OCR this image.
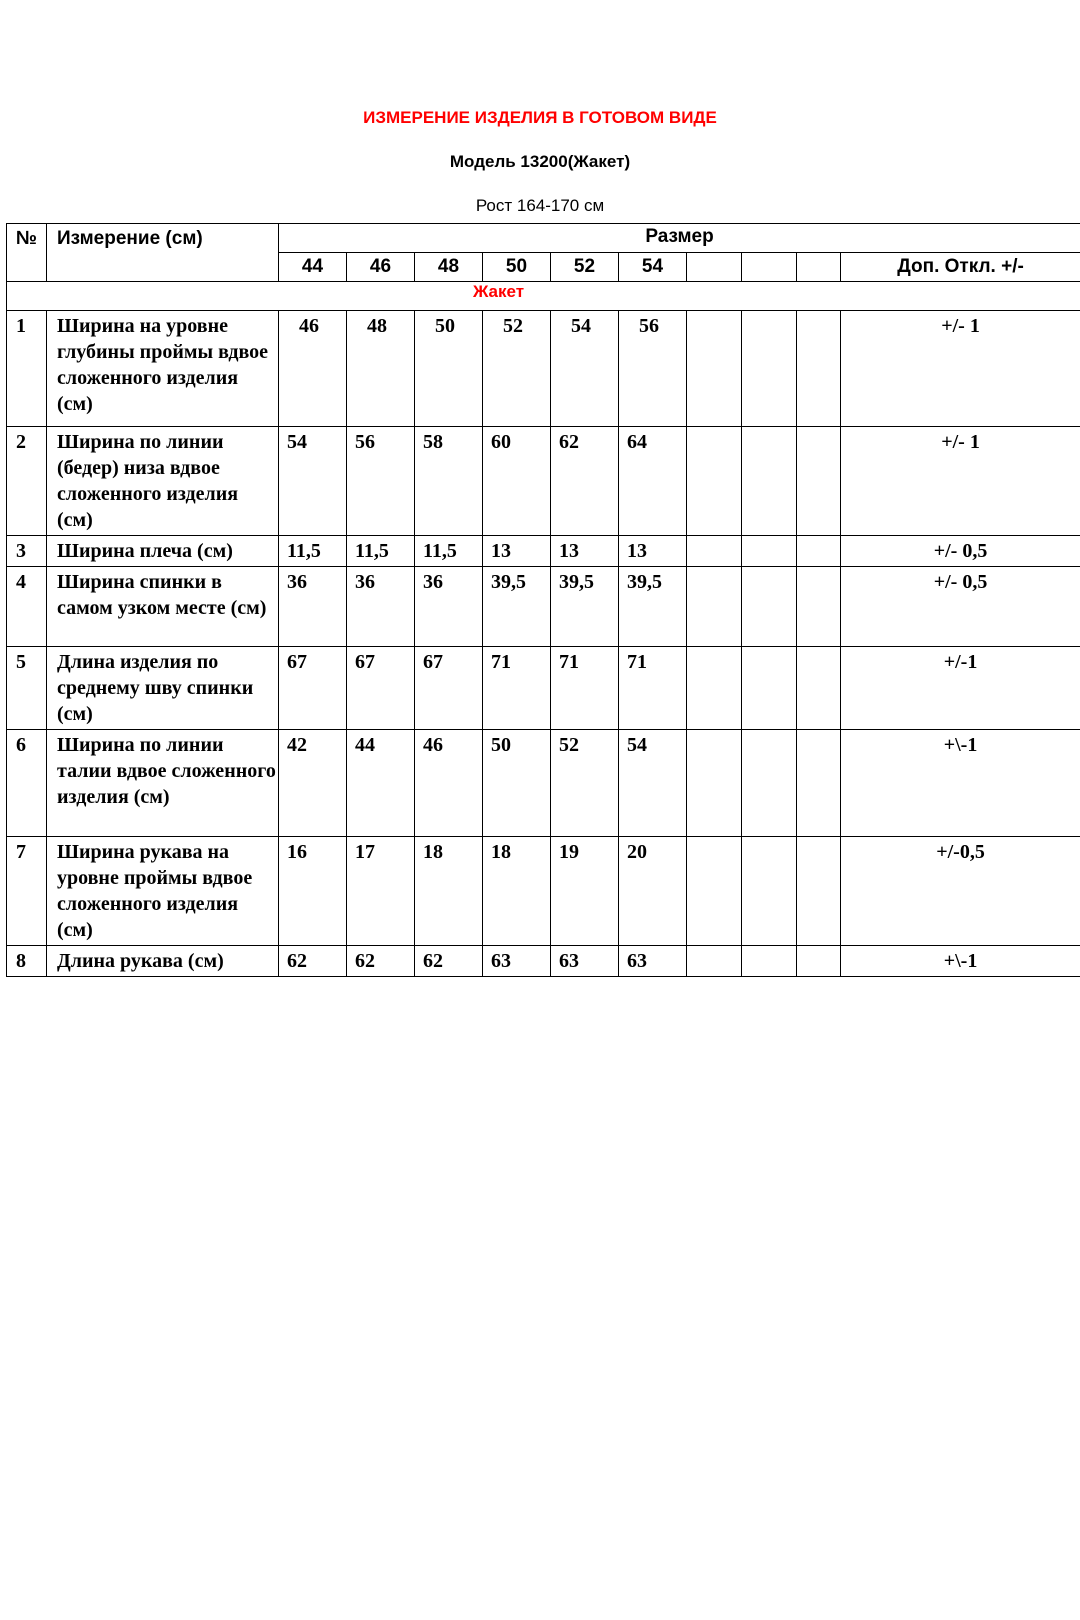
ИЗМЕРЕНИЕ ИЗДЕЛИЯ В ГОТОВОМ ВИДЕ
Модель 13200(Жакет)
Рост 164-170 см
№	Измерение (см)	Размер									
		44	46	48	50	52	54				Доп. Откл. +/-
Жакет											
1	Ширина на уровне глубины проймы вдвое сложенного изделия (см)	46	48	50	52	54	56				+/- 1
2	Ширина по линии (бедер) низа вдвое сложенного изделия (см)	54	56	58	60	62	64				+/- 1
3	Ширина плеча (см)	11,5	11,5	11,5	13	13	13				+/- 0,5
4	Ширина спинки в самом узком месте (см)	36	36	36	39,5	39,5	39,5				+/- 0,5
5	Длина изделия по среднему шву спинки (см)	67	67	67	71	71	71				+/-1
6	Ширина по линии талии вдвое сложенного изделия (см)	42	44	46	50	52	54				+\-1
7	Ширина рукава на уровне проймы вдвое сложенного изделия (см)	16	17	18	18	19	20				+/-0,5
8	Длина рукава (см)	62	62	62	63	63	63				+\-1
